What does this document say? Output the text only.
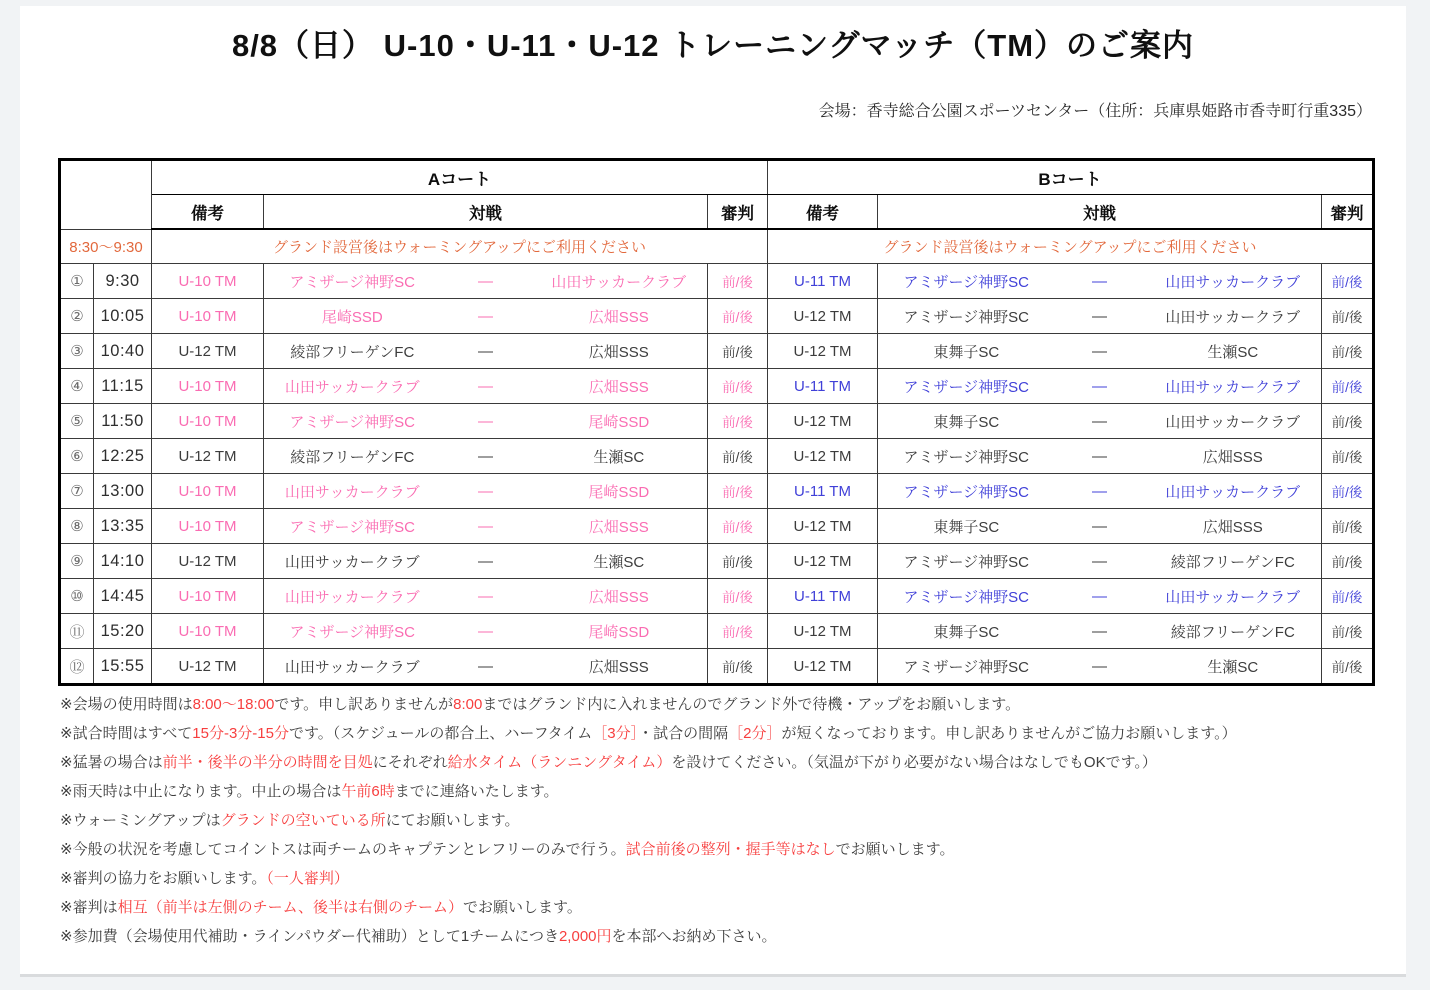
8/8（日） U-10・U-11・U-12 トレーニングマッチ（TM）のご案内
会場：香寺総合公園スポーツセンター（住所：兵庫県姫路市香寺町行重335）
		Aコート			Bコート		
		備考	対戦	審判	備考	対戦	審判
8:30～9:30		グランド設営後はウォーミングアップにご利用ください			グランド設営後はウォーミングアップにご利用ください		
①	9:30	U-10 TM	アミザージ神野SC — 山田サッカークラブ	前/後	U-11 TM	アミザージ神野SC — 山田サッカークラブ	前/後
②	10:05	U-10 TM	尾崎SSD — 広畑SSS	前/後	U-12 TM	アミザージ神野SC — 山田サッカークラブ	前/後
③	10:40	U-12 TM	綾部フリーゲンFC — 広畑SSS	前/後	U-12 TM	東舞子SC — 生瀬SC	前/後
④	11:15	U-10 TM	山田サッカークラブ — 広畑SSS	前/後	U-11 TM	アミザージ神野SC — 山田サッカークラブ	前/後
⑤	11:50	U-10 TM	アミザージ神野SC — 尾崎SSD	前/後	U-12 TM	東舞子SC — 山田サッカークラブ	前/後
⑥	12:25	U-12 TM	綾部フリーゲンFC — 生瀬SC	前/後	U-12 TM	アミザージ神野SC — 広畑SSS	前/後
⑦	13:00	U-10 TM	山田サッカークラブ — 尾崎SSD	前/後	U-11 TM	アミザージ神野SC — 山田サッカークラブ	前/後
⑧	13:35	U-10 TM	アミザージ神野SC — 広畑SSS	前/後	U-12 TM	東舞子SC — 広畑SSS	前/後
⑨	14:10	U-12 TM	山田サッカークラブ — 生瀬SC	前/後	U-12 TM	アミザージ神野SC — 綾部フリーゲンFC	前/後
⑩	14:45	U-10 TM	山田サッカークラブ — 広畑SSS	前/後	U-11 TM	アミザージ神野SC — 山田サッカークラブ	前/後
⑪	15:20	U-10 TM	アミザージ神野SC — 尾崎SSD	前/後	U-12 TM	東舞子SC — 綾部フリーゲンFC	前/後
⑫	15:55	U-12 TM	山田サッカークラブ — 広畑SSS	前/後	U-12 TM	アミザージ神野SC — 生瀬SC	前/後
※会場の使用時間は8:00～18:00です。申し訳ありませんが8:00まではグランド内に入れませんのでグランド外で待機・アップをお願いします。
※試合時間はすべて15分-3分-15分です。（スケジュールの都合上、ハーフタイム［3分］・試合の間隔［2分］が短くなっております。申し訳ありませんがご協力お願いします。）
※猛暑の場合は前半・後半の半分の時間を目処にそれぞれ給水タイム（ランニングタイム）を設けてください。（気温が下がり必要がない場合はなしでもOKです。）
※雨天時は中止になります。中止の場合は午前6時までに連絡いたします。
※ウォーミングアップはグランドの空いている所にてお願いします。
※今般の状況を考慮してコイントスは両チームのキャプテンとレフリーのみで行う。試合前後の整列・握手等はなしでお願いします。
※審判の協力をお願いします。（一人審判）
※審判は相互（前半は左側のチーム、後半は右側のチーム）でお願いします。
※参加費（会場使用代補助・ラインパウダー代補助）として1チームにつき2,000円を本部へお納め下さい。
